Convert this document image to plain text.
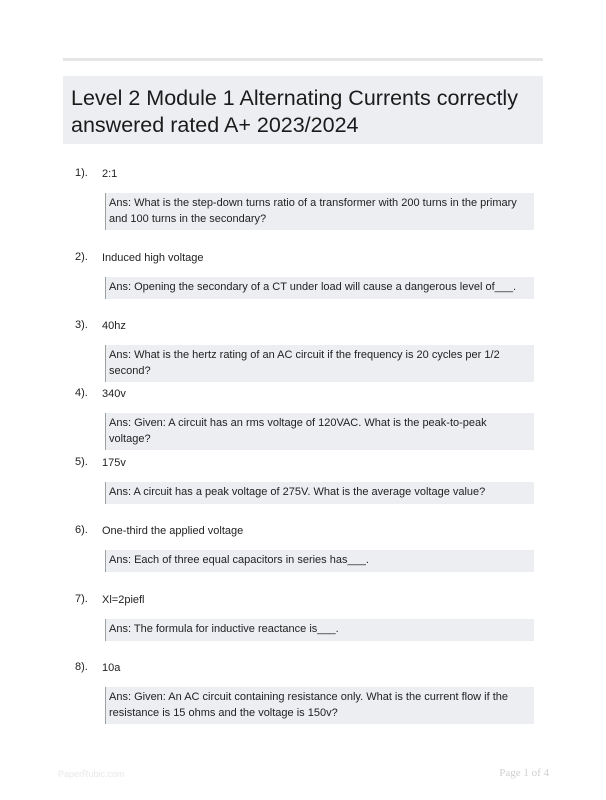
Level 2 Module 1 Alternating Currents correctly answered rated A+ 2023/2024
1). 2:1
Ans: What is the step-down turns ratio of a transformer with 200 turns in the primary and 100 turns in the secondary?
2). Induced high voltage
Ans: Opening the secondary of a CT under load will cause a dangerous level of___.
3). 40hz
Ans: What is the hertz rating of an AC circuit if the frequency is 20 cycles per 1/2 second?
4). 340v
Ans: Given: A circuit has an rms voltage of 120VAC. What is the peak-to-peak voltage?
5). 175v
Ans: A circuit has a peak voltage of 275V. What is the average voltage value?
6). One-third the applied voltage
Ans: Each of three equal capacitors in series has___.
7). Xl=2piefl
Ans: The formula for inductive reactance is___.
8). 10a
Ans: Given: An AC circuit containing resistance only. What is the current flow if the resistance is 15 ohms and the voltage is 150v?
PaperRubic.com	Page 1 of 4
